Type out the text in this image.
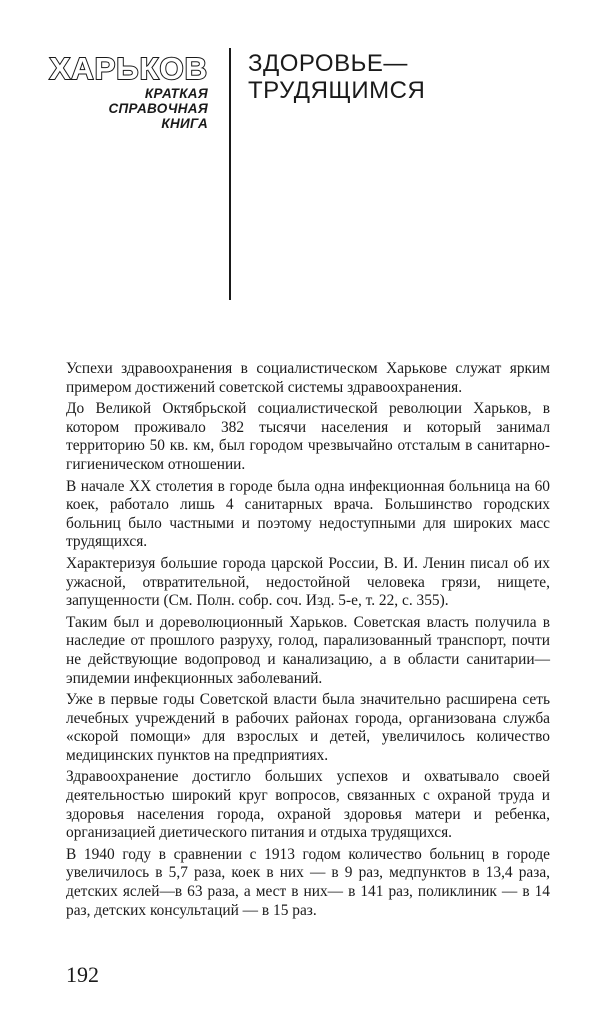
ХАРЬКОВ
КРАТКАЯ
СПРАВОЧНАЯ
КНИГА
ЗДОРОВЬЕ—
ТРУДЯЩИМСЯ

Успехи здравоохранения в социалистическом Харькове служат ярким примером достижений советской системы здравоохранения.

До Великой Октябрьской социалистической революции Харьков, в котором проживало 382 тысячи населения и который занимал территорию 50 кв. км, был городом чрезвычайно отсталым в санитарно-гигиеническом отношении.

В начале XX столетия в городе была одна инфекционная больница на 60 коек, работало лишь 4 санитарных врача. Большинство городских больниц было частными и поэтому недоступными для широких масс трудящихся.

Характеризуя большие города царской России, В. И. Ленин писал об их ужасной, отвратительной, недостойной человека грязи, нищете, запущенности (См. Полн. собр. соч. Изд. 5-е, т. 22, с. 355).

Таким был и дореволюционный Харьков. Советская власть получила в наследие от прошлого разруху, голод, парализованный транспорт, почти не действующие водопровод и канализацию, а в области санитарии—эпидемии инфекционных заболеваний.

Уже в первые годы Советской власти была значительно расширена сеть лечебных учреждений в рабочих районах города, организована служба «скорой помощи» для взрослых и детей, увеличилось количество медицинских пунктов на предприятиях.

Здравоохранение достигло больших успехов и охватывало своей деятельностью широкий круг вопросов, связанных с охраной труда и здоровья населения города, охраной здоровья матери и ребенка, организацией диетического питания и отдыха трудящихся.

В 1940 году в сравнении с 1913 годом количество больниц в городе увеличилось в 5,7 раза, коек в них — в 9 раз, медпунктов в 13,4 раза, детских яслей—в 63 раза, а мест в них— в 141 раз, поликлиник — в 14 раз, детских консультаций — в 15 раз.

192
